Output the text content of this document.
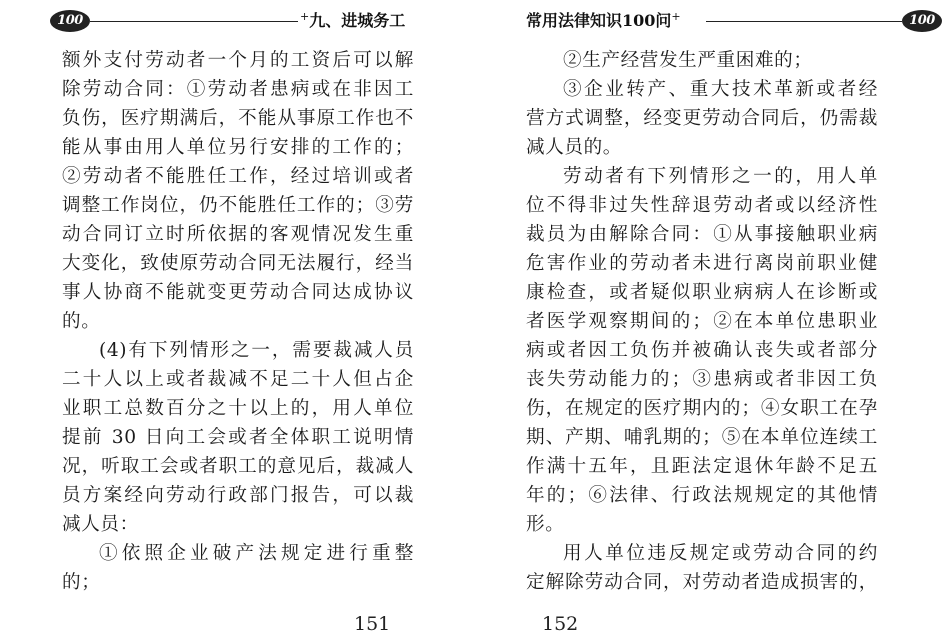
100	+九、进城务工

额外支付劳动者一个月的工资后可以解

除劳动合同：①劳动者患病或在非因工

负伤，医疗期满后，不能从事原工作也不

能从事由用人单位另行安排的工作的；

②劳动者不能胜任工作，经过培训或者

调整工作岗位，仍不能胜任工作的；③劳

动合同订立时所依据的客观情况发生重

大变化，致使原劳动合同无法履行，经当

事人协商不能就变更劳动合同达成协议

的。

(4)有下列情形之一，需要裁减人员

二十人以上或者裁减不足二十人但占企

业职工总数百分之十以上的，用人单位

提前 30 日向工会或者全体职工说明情

况，听取工会或者职工的意见后，裁减人

员方案经向劳动行政部门报告，可以裁

减人员：

①依照企业破产法规定进行重整

的；

151
常用法律知识100问+	100

②生产经营发生严重困难的；

③企业转产、重大技术革新或者经

营方式调整，经变更劳动合同后，仍需裁

减人员的。

劳动者有下列情形之一的，用人单

位不得非过失性辞退劳动者或以经济性

裁员为由解除合同：①从事接触职业病

危害作业的劳动者未进行离岗前职业健

康检查，或者疑似职业病病人在诊断或

者医学观察期间的；②在本单位患职业

病或者因工负伤并被确认丧失或者部分

丧失劳动能力的；③患病或者非因工负

伤，在规定的医疗期内的；④女职工在孕

期、产期、哺乳期的；⑤在本单位连续工

作满十五年，且距法定退休年龄不足五

年的；⑥法律、行政法规规定的其他情

形。

用人单位违反规定或劳动合同的约

定解除劳动合同，对劳动者造成损害的，

152
